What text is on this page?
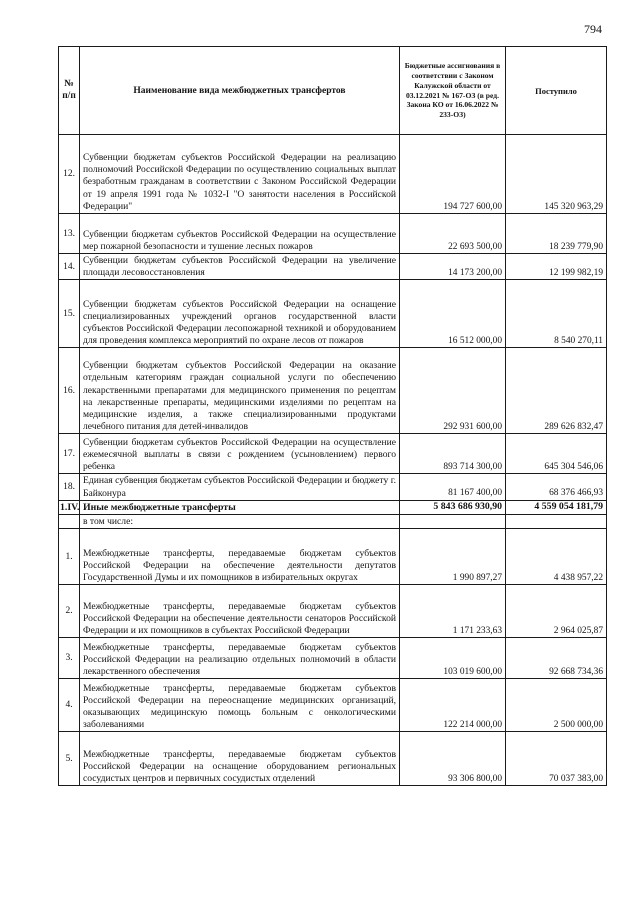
794
№ п/п	Наименование вида межбюджетных трансфертов	Бюджетные ассигнования в соответствии с Законом Калужской области от 03.12.2021 № 167-ОЗ (в ред. Закона КО от 16.06.2022 № 233-ОЗ)	Поступило
12.	Субвенции бюджетам субъектов Российской Федерации на реализацию полномочий Российской Федерации по осуществлению социальных выплат безработным гражданам в соответствии с Законом Российской Федерации от 19 апреля 1991 года № 1032-I "О занятости населения в Российской Федерации"	194 727 600,00	145 320 963,29
13.	Субвенции бюджетам субъектов Российской Федерации на осуществление мер пожарной безопасности и тушение лесных пожаров	22 693 500,00	18 239 779,90
14.	Субвенции бюджетам субъектов Российской Федерации на увеличение площади лесовосстановления	14 173 200,00	12 199 982,19
15.	Субвенции бюджетам субъектов Российской Федерации на оснащение специализированных учреждений органов государственной власти субъектов Российской Федерации лесопожарной техникой и оборудованием для проведения комплекса мероприятий по охране лесов от пожаров	16 512 000,00	8 540 270,11
16.	Субвенции бюджетам субъектов Российской Федерации на оказание отдельным категориям граждан социальной услуги по обеспечению лекарственными препаратами для медицинского применения по рецептам на лекарственные препараты, медицинскими изделиями по рецептам на медицинские изделия, а также специализированными продуктами лечебного питания для детей-инвалидов	292 931 600,00	289 626 832,47
17.	Субвенции бюджетам субъектов Российской Федерации на осуществление ежемесячной выплаты в связи с рождением (усыновлением) первого ребенка	893 714 300,00	645 304 546,06
18.	Единая субвенция бюджетам субъектов Российской Федерации и бюджету г. Байконура	81 167 400,00	68 376 466,93
1.IV.	Иные межбюджетные трансферты	5 843 686 930,90	4 559 054 181,79
	в том числе:		
1.	Межбюджетные трансферты, передаваемые бюджетам субъектов Российской Федерации на обеспечение деятельности депутатов Государственной Думы и их помощников в избирательных округах	1 990 897,27	4 438 957,22
2.	Межбюджетные трансферты, передаваемые бюджетам субъектов Российской Федерации на обеспечение деятельности сенаторов Российской Федерации и их помощников в субъектах Российской Федерации	1 171 233,63	2 964 025,87
3.	Межбюджетные трансферты, передаваемые бюджетам субъектов Российской Федерации на реализацию отдельных полномочий в области лекарственного обеспечения	103 019 600,00	92 668 734,36
4.	Межбюджетные трансферты, передаваемые бюджетам субъектов Российской Федерации на переоснащение медицинских организаций, оказывающих медицинскую помощь больным с онкологическими заболеваниями	122 214 000,00	2 500 000,00
5.	Межбюджетные трансферты, передаваемые бюджетам субъектов Российской Федерации на оснащение оборудованием региональных сосудистых центров и первичных сосудистых отделений	93 306 800,00	70 037 383,00
